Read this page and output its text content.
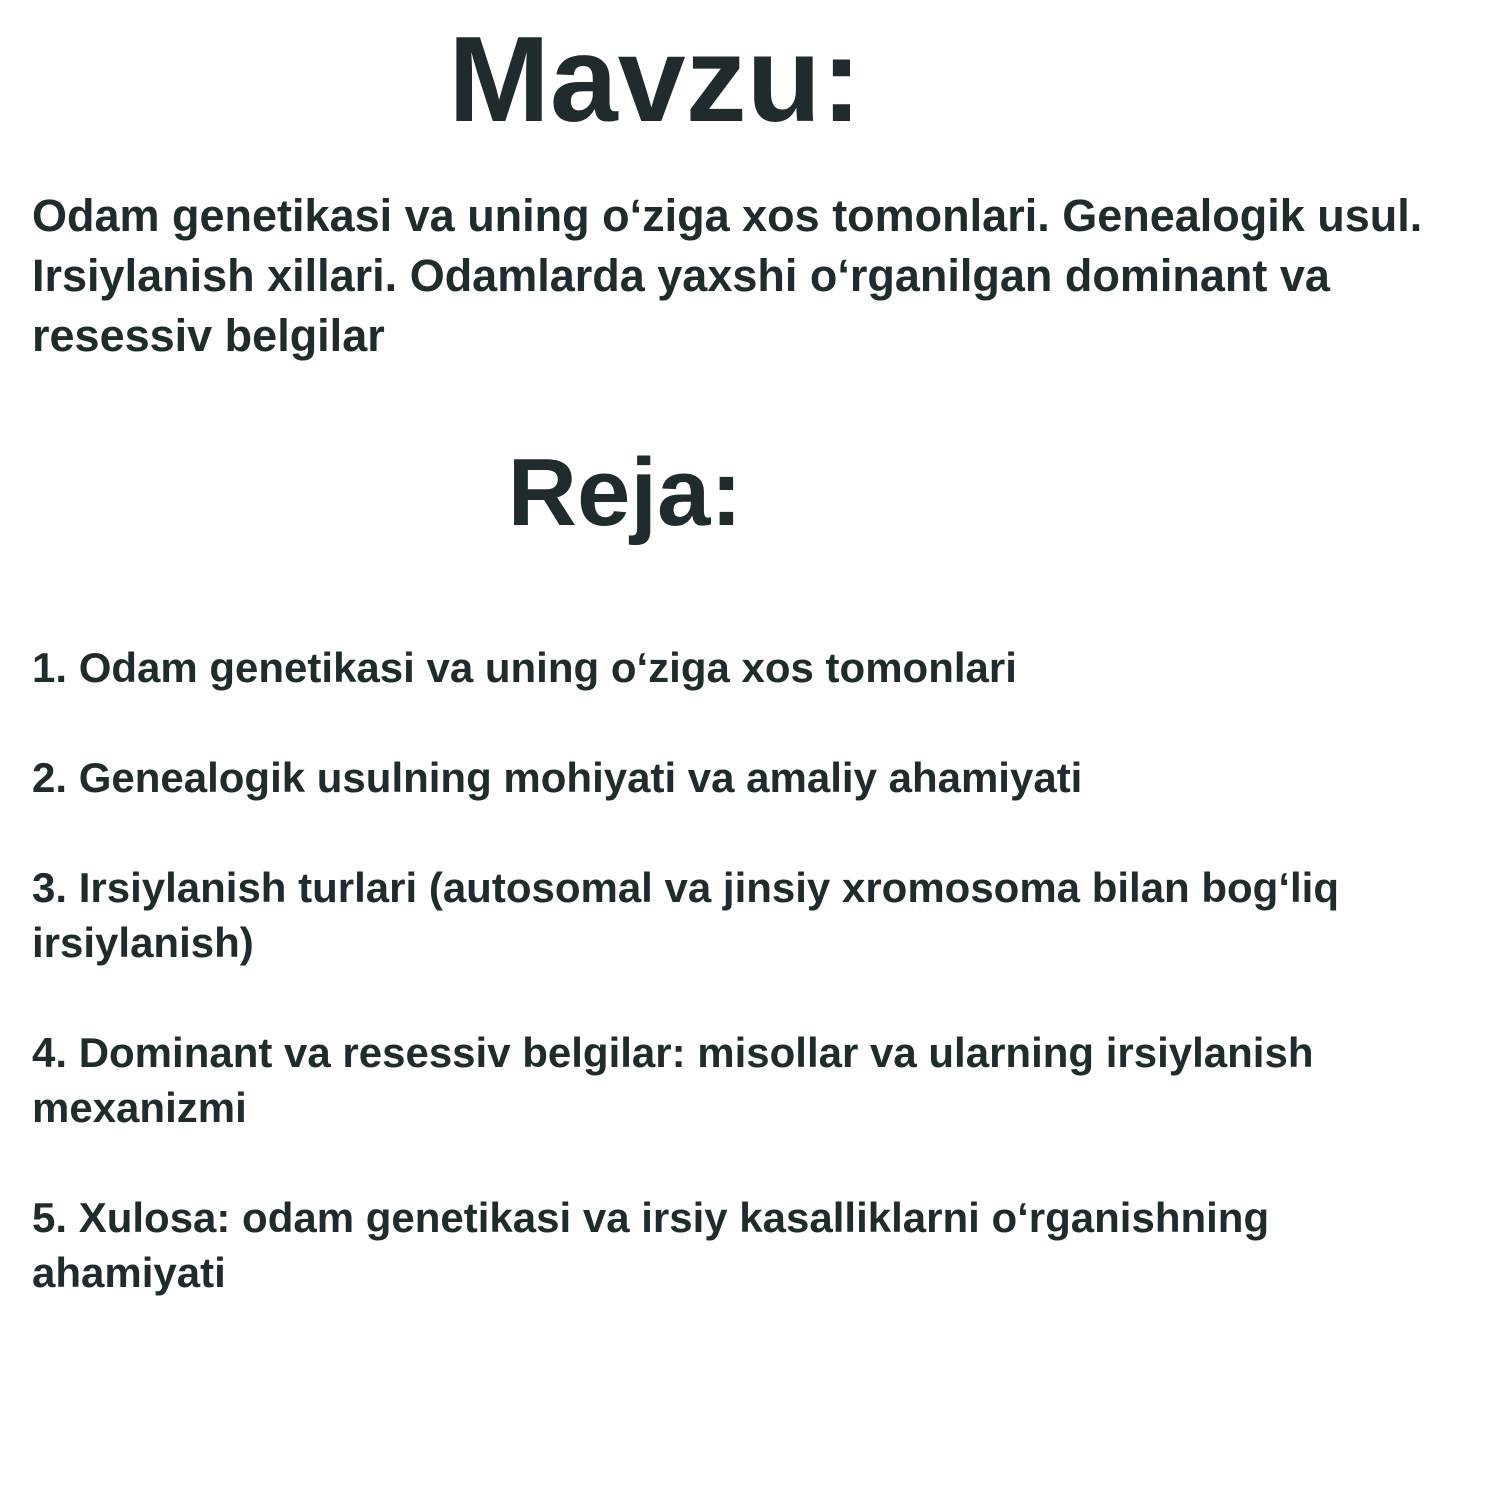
Mavzu:

Odam genetikasi va uning o‘ziga xos tomonlari. Genealogik usul. Irsiylanish xillari. Odamlarda yaxshi o‘rganilgan dominant va resessiv belgilar

Reja:
1. Odam genetikasi va uning o‘ziga xos tomonlari
2. Genealogik usulning mohiyati va amaliy ahamiyati
3. Irsiylanish turlari (autosomal va jinsiy xromosoma bilan bog‘liq irsiylanish)
4. Dominant va resessiv belgilar: misollar va ularning irsiylanish mexanizmi
5. Xulosa: odam genetikasi va irsiy kasalliklarni o‘rganishning ahamiyati
